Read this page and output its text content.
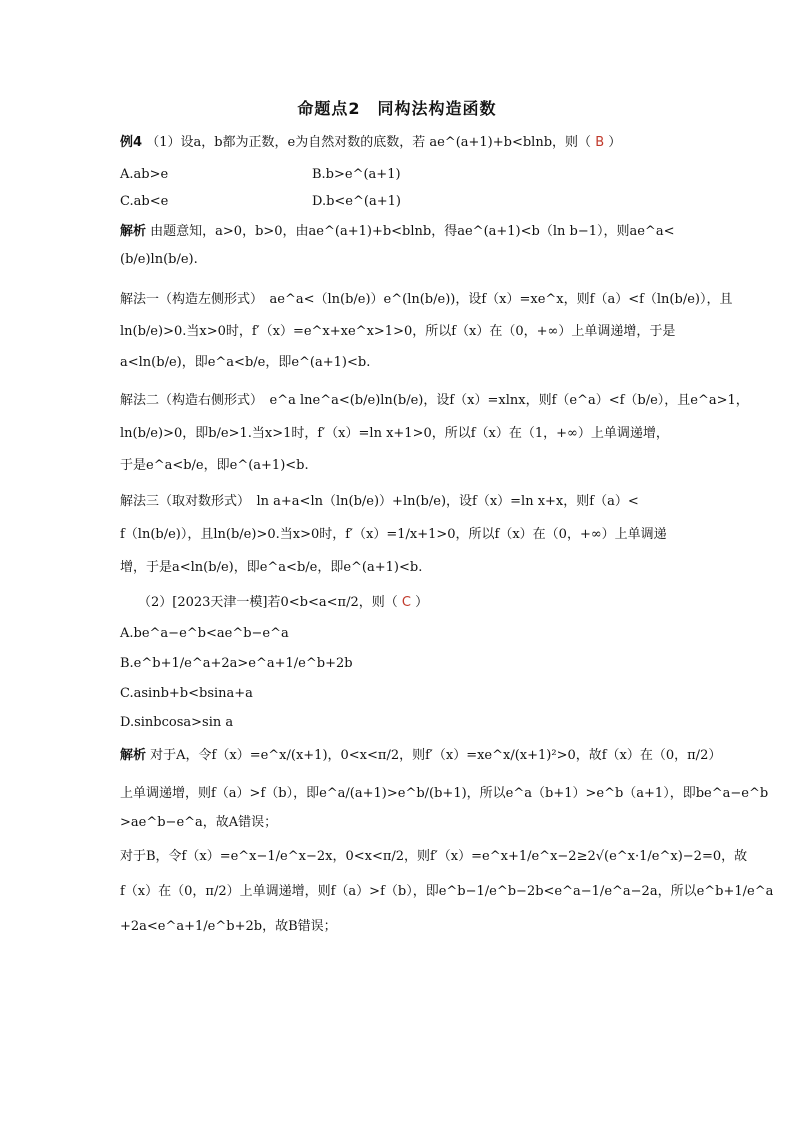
命题点2　同构法构造函数
例4 （1）设a，b都为正数，e为自然对数的底数，若 ae^(a+1)+b<blnb，则（ B ）
A.ab>e	B.b>e^(a+1)
C.ab<e	D.b<e^(a+1)
解析 由题意知，a>0，b>0，由ae^(a+1)+b<blnb，得ae^(a+1)<b（ln b−1），则ae^a<
(b/e)ln(b/e).
解法一（构造左侧形式）　ae^a<（ln(b/e)）e^(ln(b/e))，设f（x）=xe^x，则f（a）<f（ln(b/e)），且
ln(b/e)>0.当x>0时，f′（x）=e^x+xe^x>1>0，所以f（x）在（0，+∞）上单调递增，于是
a<ln(b/e)，即e^a<b/e，即e^(a+1)<b.
解法二（构造右侧形式）　e^a lne^a<(b/e)ln(b/e)，设f（x）=xlnx，则f（e^a）<f（b/e），且e^a>1，
ln(b/e)>0，即b/e>1.当x>1时，f′（x）=ln x+1>0，所以f（x）在（1，+∞）上单调递增，
于是e^a<b/e，即e^(a+1)<b.
解法三（取对数形式）　ln a+a<ln（ln(b/e)）+ln(b/e)，设f（x）=ln x+x，则f（a）<
f（ln(b/e)），且ln(b/e)>0.当x>0时，f′（x）=1/x+1>0，所以f（x）在（0，+∞）上单调递
增，于是a<ln(b/e)，即e^a<b/e，即e^(a+1)<b.
（2）[2023天津一模]若0<b<a<π/2，则（ C ）
A.be^a−e^b<ae^b−e^a
B.e^b+1/e^a+2a>e^a+1/e^b+2b
C.asinb+b<bsina+a
D.sinbcosa>sin a
解析 对于A，令f（x）=e^x/(x+1)，0<x<π/2，则f′（x）=xe^x/(x+1)²>0，故f（x）在（0，π/2）
上单调递增，则f（a）>f（b），即e^a/(a+1)>e^b/(b+1)，所以e^a（b+1）>e^b（a+1），即be^a−e^b
>ae^b−e^a，故A错误；
对于B，令f（x）=e^x−1/e^x−2x，0<x<π/2，则f′（x）=e^x+1/e^x−2≥2√(e^x·1/e^x)−2=0，故
f（x）在（0，π/2）上单调递增，则f（a）>f（b），即e^b−1/e^b−2b<e^a−1/e^a−2a，所以e^b+1/e^a
+2a<e^a+1/e^b+2b，故B错误；
